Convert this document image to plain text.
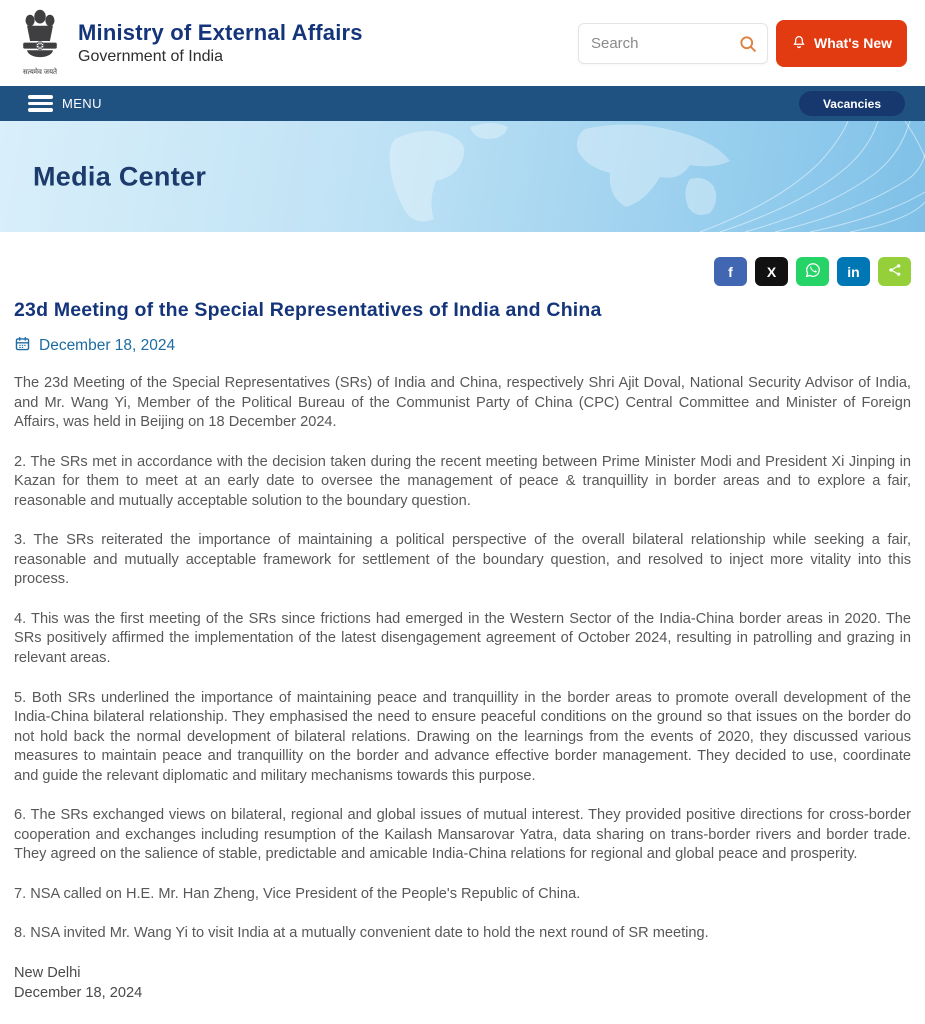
सत्यमेव जयते
Ministry of External Affairs
Government of India
Search
What's New
MENU	Vacancies
Media Center
f X	in
23d Meeting of the Special Representatives of India and China
December 18, 2024

The 23d Meeting of the Special Representatives (SRs) of India and China, respectively Shri Ajit Doval, National Security Advisor of India, and Mr. Wang Yi, Member of the Political Bureau of the Communist Party of China (CPC) Central Committee and Minister of Foreign Affairs, was held in Beijing on 18 December 2024.

2. The SRs met in accordance with the decision taken during the recent meeting between Prime Minister Modi and President Xi Jinping in Kazan for them to meet at an early date to oversee the management of peace & tranquillity in border areas and to explore a fair, reasonable and mutually acceptable solution to the boundary question.

3. The SRs reiterated the importance of maintaining a political perspective of the overall bilateral relationship while seeking a fair, reasonable and mutually acceptable framework for settlement of the boundary question, and resolved to inject more vitality into this process.

4. This was the first meeting of the SRs since frictions had emerged in the Western Sector of the India-China border areas in 2020. The SRs positively affirmed the implementation of the latest disengagement agreement of October 2024, resulting in patrolling and grazing in relevant areas.

5. Both SRs underlined the importance of maintaining peace and tranquillity in the border areas to promote overall development of the India-China bilateral relationship. They emphasised the need to ensure peaceful conditions on the ground so that issues on the border do not hold back the normal development of bilateral relations. Drawing on the learnings from the events of 2020, they discussed various measures to maintain peace and tranquillity on the border and advance effective border management. They decided to use, coordinate and guide the relevant diplomatic and military mechanisms towards this purpose.

6. The SRs exchanged views on bilateral, regional and global issues of mutual interest. They provided positive directions for cross-border cooperation and exchanges including resumption of the Kailash Mansarovar Yatra, data sharing on trans-border rivers and border trade. They agreed on the salience of stable, predictable and amicable India-China relations for regional and global peace and prosperity.

7. NSA called on H.E. Mr. Han Zheng, Vice President of the People's Republic of China.

8. NSA invited Mr. Wang Yi to visit India at a mutually convenient date to hold the next round of SR meeting.

New Delhi
December 18, 2024
